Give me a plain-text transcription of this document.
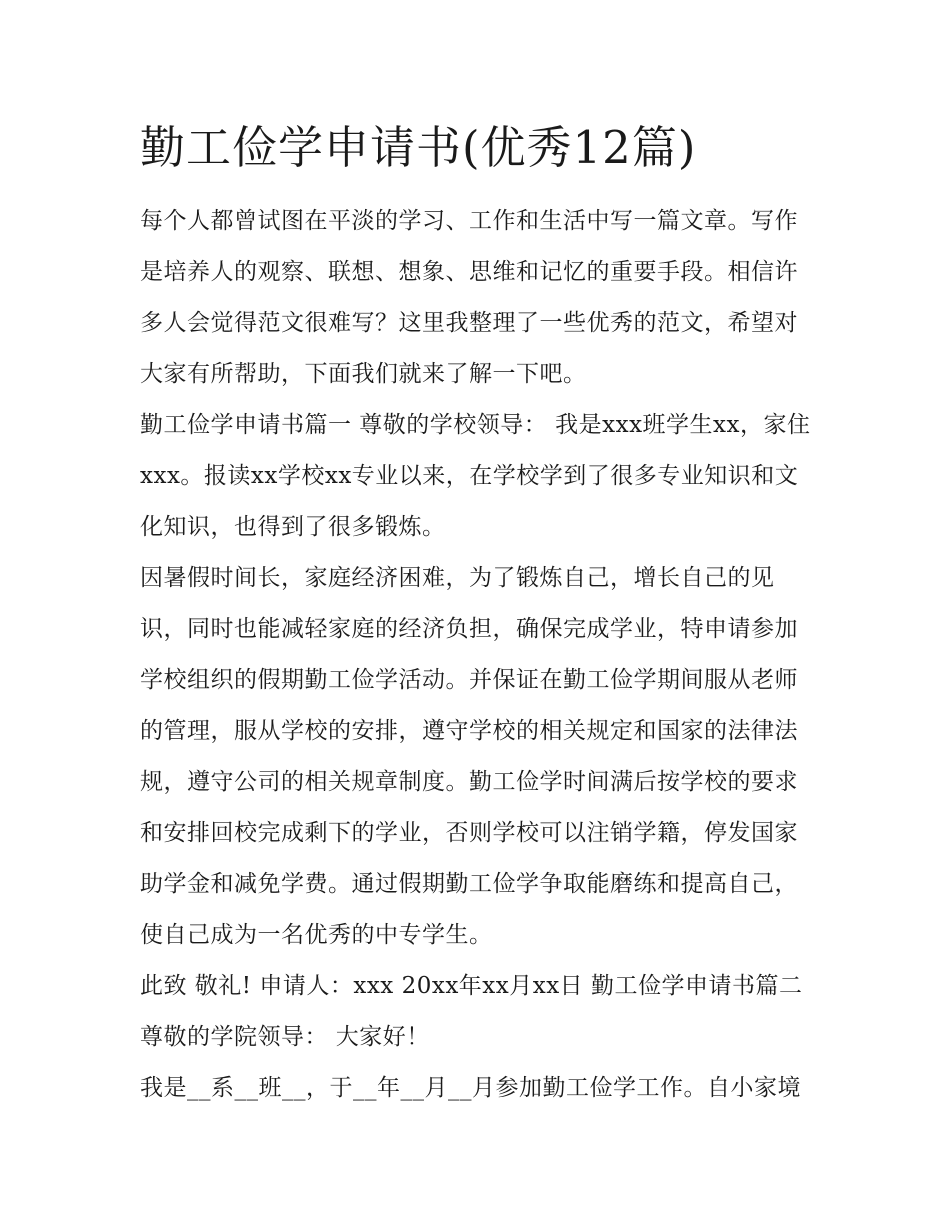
勤工俭学申请书(优秀12篇)

每个人都曾试图在平淡的学习、工作和生活中写一篇文章。写作是培养人的观察、联想、想象、思维和记忆的重要手段。相信许多人会觉得范文很难写？这里我整理了一些优秀的范文，希望对大家有所帮助，下面我们就来了解一下吧。

勤工俭学申请书篇一 尊敬的学校领导： 我是xxx班学生xx，家住xxx。报读xx学校xx专业以来，在学校学到了很多专业知识和文化知识，也得到了很多锻炼。

因暑假时间长，家庭经济困难，为了锻炼自己，增长自己的见识，同时也能减轻家庭的经济负担，确保完成学业，特申请参加学校组织的假期勤工俭学活动。并保证在勤工俭学期间服从老师的管理，服从学校的安排，遵守学校的相关规定和国家的法律法规，遵守公司的相关规章制度。勤工俭学时间满后按学校的要求和安排回校完成剩下的学业，否则学校可以注销学籍，停发国家助学金和减免学费。通过假期勤工俭学争取能磨练和提高自己，使自己成为一名优秀的中专学生。

此致 敬礼! 申请人：xxx 20xx年xx月xx日 勤工俭学申请书篇二 尊敬的学院领导： 大家好！

我是__系__班__，于__年__月__月参加勤工俭学工作。自小家境
